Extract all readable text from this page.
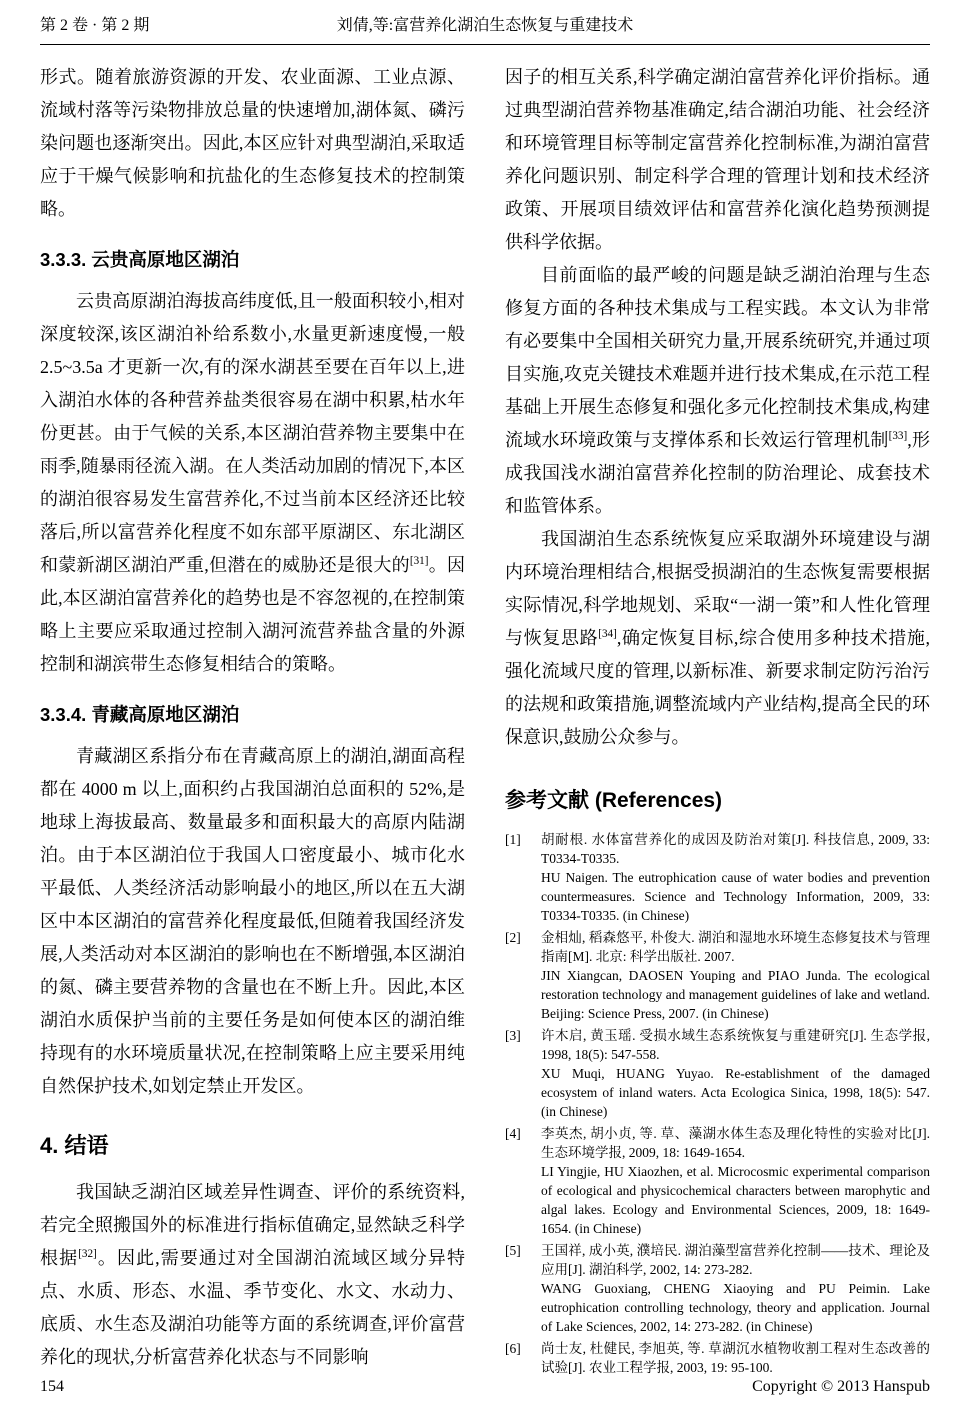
第 2 卷 · 第 2 期	刘倩,等:富营养化湖泊生态恢复与重建技术

形式。随着旅游资源的开发、农业面源、工业点源、流域村落等污染物排放总量的快速增加,湖体氮、磷污染问题也逐渐突出。因此,本区应针对典型湖泊,采取适应于干燥气候影响和抗盐化的生态修复技术的控制策略。

3.3.3. 云贵高原地区湖泊

云贵高原湖泊海拔高纬度低,且一般面积较小,相对深度较深,该区湖泊补给系数小,水量更新速度慢,一般 2.5~3.5a 才更新一次,有的深水湖甚至要在百年以上,进入湖泊水体的各种营养盐类很容易在湖中积累,枯水年份更甚。由于气候的关系,本区湖泊营养物主要集中在雨季,随暴雨径流入湖。在人类活动加剧的情况下,本区的湖泊很容易发生富营养化,不过当前本区经济还比较落后,所以富营养化程度不如东部平原湖区、东北湖区和蒙新湖区湖泊严重,但潜在的威胁还是很大的[31]。因此,本区湖泊富营养化的趋势也是不容忽视的,在控制策略上主要应采取通过控制入湖河流营养盐含量的外源控制和湖滨带生态修复相结合的策略。

3.3.4. 青藏高原地区湖泊

青藏湖区系指分布在青藏高原上的湖泊,湖面高程都在 4000 m 以上,面积约占我国湖泊总面积的 52%,是地球上海拔最高、数量最多和面积最大的高原内陆湖泊。由于本区湖泊位于我国人口密度最小、城市化水平最低、人类经济活动影响最小的地区,所以在五大湖区中本区湖泊的富营养化程度最低,但随着我国经济发展,人类活动对本区湖泊的影响也在不断增强,本区湖泊的氮、磷主要营养物的含量也在不断上升。因此,本区湖泊水质保护当前的主要任务是如何使本区的湖泊维持现有的水环境质量状况,在控制策略上应主要采用纯自然保护技术,如划定禁止开发区。

4. 结语

我国缺乏湖泊区域差异性调查、评价的系统资料,若完全照搬国外的标准进行指标值确定,显然缺乏科学根据[32]。因此,需要通过对全国湖泊流域区域分异特点、水质、形态、水温、季节变化、水文、水动力、底质、水生态及湖泊功能等方面的系统调查,评价富营养化的现状,分析富营养化状态与不同影响

因子的相互关系,科学确定湖泊富营养化评价指标。通过典型湖泊营养物基准确定,结合湖泊功能、社会经济和环境管理目标等制定富营养化控制标准,为湖泊富营养化问题识别、制定科学合理的管理计划和技术经济政策、开展项目绩效评估和富营养化演化趋势预测提供科学依据。

目前面临的最严峻的问题是缺乏湖泊治理与生态修复方面的各种技术集成与工程实践。本文认为非常有必要集中全国相关研究力量,开展系统研究,并通过项目实施,攻克关键技术难题并进行技术集成,在示范工程基础上开展生态修复和强化多元化控制技术集成,构建流域水环境政策与支撑体系和长效运行管理机制[33],形成我国浅水湖泊富营养化控制的防治理论、成套技术和监管体系。

我国湖泊生态系统恢复应采取湖外环境建设与湖内环境治理相结合,根据受损湖泊的生态恢复需要根据实际情况,科学地规划、采取“一湖一策”和人性化管理与恢复思路[34],确定恢复目标,综合使用多种技术措施,强化流域尺度的管理,以新标准、新要求制定防污治污的法规和政策措施,调整流域内产业结构,提高全民的环保意识,鼓励公众参与。

参考文献 (References)
[1]	胡耐根. 水体富营养化的成因及防治对策[J]. 科技信息, 2009, 33: T0334-T0335.
HU Naigen. The eutrophication cause of water bodies and prevention countermeasures. Science and Technology Information, 2009, 33: T0334-T0335. (in Chinese)
[2]	金相灿, 稻森悠平, 朴俊大. 湖泊和湿地水环境生态修复技术与管理指南[M]. 北京: 科学出版社. 2007.
JIN Xiangcan, DAOSEN Youping and PIAO Junda. The ecological restoration technology and management guidelines of lake and wetland. Beijing: Science Press, 2007. (in Chinese)
[3]	许木启, 黄玉瑶. 受损水域生态系统恢复与重建研究[J]. 生态学报, 1998, 18(5): 547-558.
XU Muqi, HUANG Yuyao. Re-establishment of the damaged ecosystem of inland waters. Acta Ecologica Sinica, 1998, 18(5): 547. (in Chinese)
[4]	李英杰, 胡小贞, 等. 草、藻湖水体生态及理化特性的实验对比[J]. 生态环境学报, 2009, 18: 1649-1654.
LI Yingjie, HU Xiaozhen, et al. Microcosmic experimental comparison of ecological and physicochemical characters between marophytic and algal lakes. Ecology and Environmental Sciences, 2009, 18: 1649-1654. (in Chinese)
[5]	王国祥, 成小英, 濮培民. 湖泊藻型富营养化控制——技术、理论及应用[J]. 湖泊科学, 2002, 14: 273-282.
WANG Guoxiang, CHENG Xiaoying and PU Peimin. Lake eutrophication controlling technology, theory and application. Journal of Lake Sciences, 2002, 14: 273-282. (in Chinese)
[6]	尚士友, 杜健民, 李旭英, 等. 草湖沉水植物收割工程对生态改善的试验[J]. 农业工程学报, 2003, 19: 95-100.
154	Copyright © 2013 Hanspub
